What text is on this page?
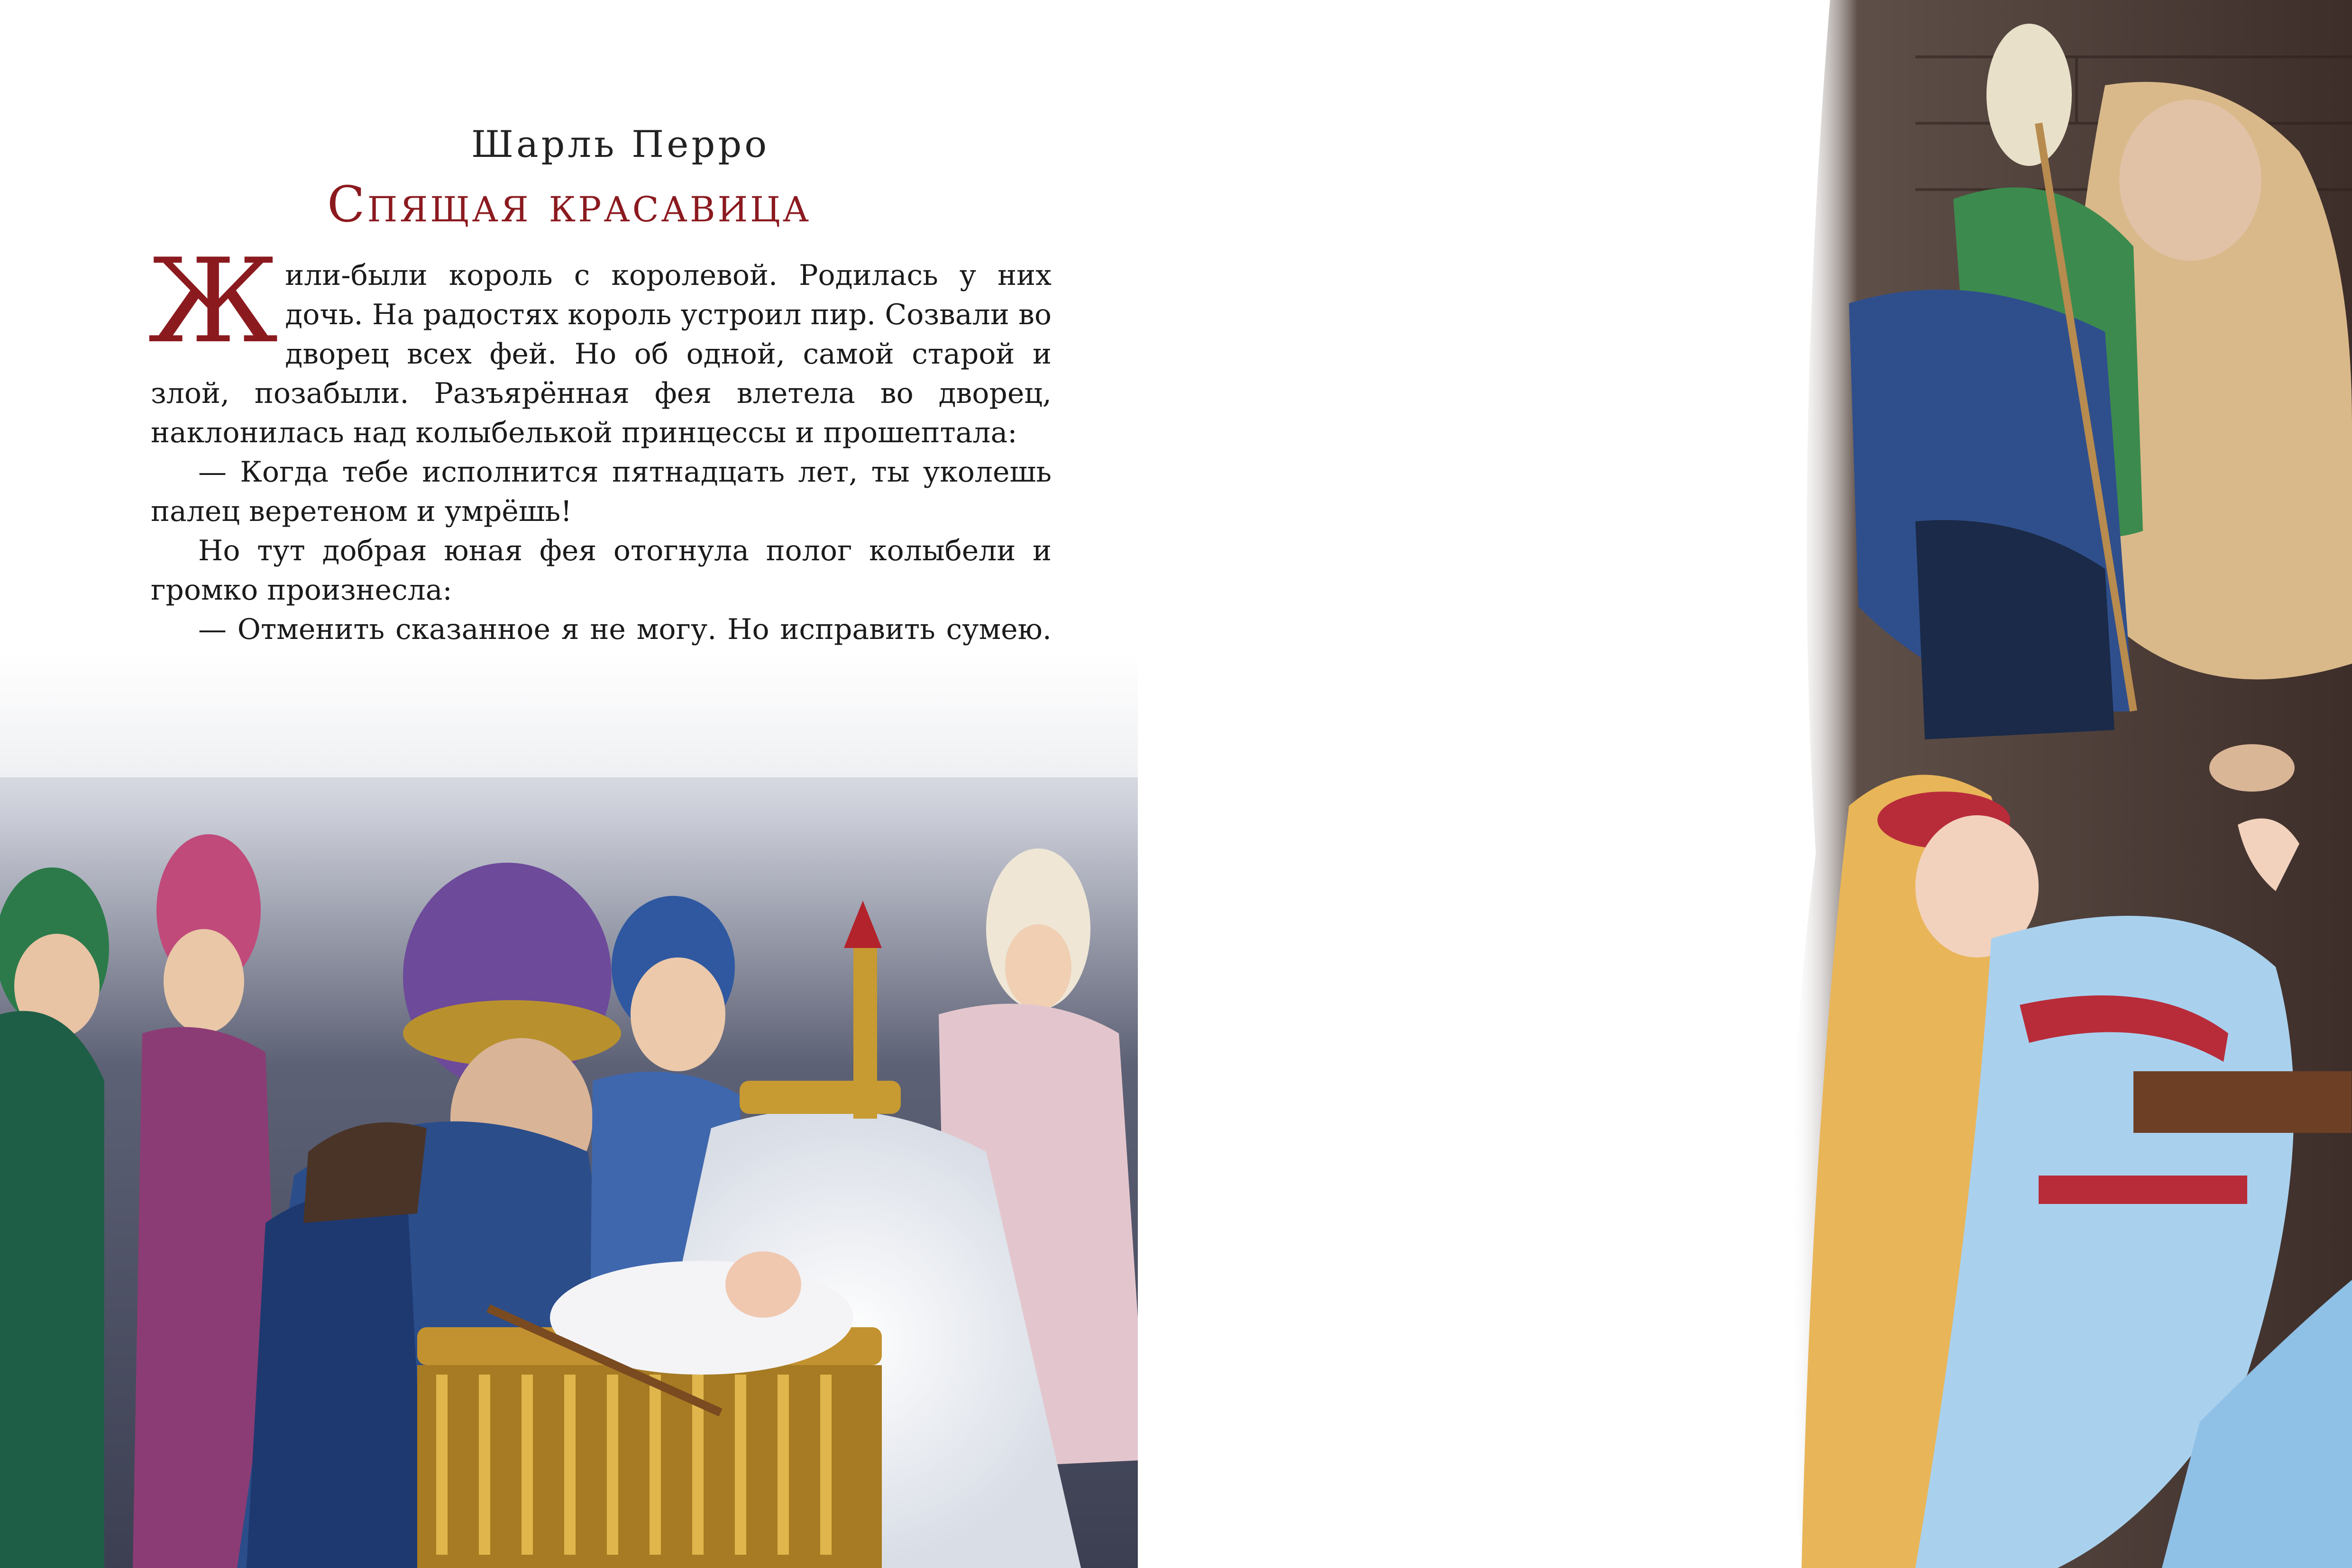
Шарль Перро
Спящая красавица

Жили-были король с королевой. Родилась у них дочь. На радостях король устроил пир. Созвали во дворец всех фей. Но об одной, самой старой и злой, позабыли. Разъярённая фея влетела во дворец, наклонилась над колыбелькой принцессы и прошептала:

— Когда тебе исполнится пятнадцать лет, ты уколешь палец веретеном и умрёшь!

Но тут добрая юная фея отогнула полог колыбели и громко произнесла:

— Отменить сказанное я не могу. Но исправить сумею.
